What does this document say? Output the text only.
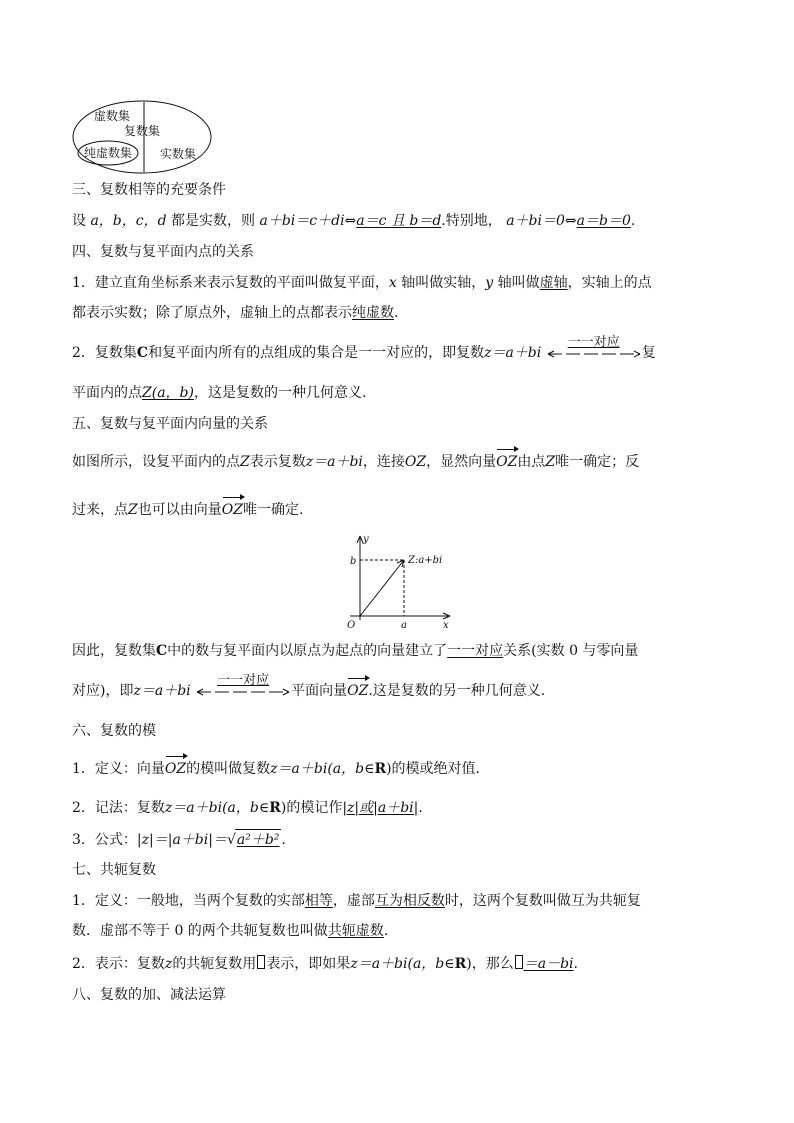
虚数集
复数集
纯虚数集 实数集
三、复数相等的充要条件
设 a，b，c，d 都是实数，则 a＋bi＝c＋di⇔a＝c 且 b＝d.特别地， a＋bi＝0⇔a＝b＝0.
四、复数与复平面内点的关系
1．建立直角坐标系来表示复数的平面叫做复平面，x 轴叫做实轴，y 轴叫做虚轴，实轴上的点
都表示实数；除了原点外，虚轴上的点都表示纯虚数.
2．复数集C和复平面内所有的点组成的集合是一一对应的，即复数z＝a＋bi
一一对应
复
平面内的点Z(a，b)，这是复数的一种几何意义.
五、复数与复平面内向量的关系
如图所示，设复平面内的点Z表示复数z＝a＋bi，连接OZ，显然向量OZ由点Z唯一确定；反
过来，点Z也可以由向量OZ唯一确定.
y
x
O
b
a
Z:a+bi
因此，复数集C中的数与复平面内以原点为起点的向量建立了一一对应关系(实数 0 与零向量
对应)，即z＝a＋bi
一一对应
平面向量OZ.这是复数的另一种几何意义.
六、复数的模
1．定义：向量OZ的模叫做复数z＝a＋bi(a，b∈R)的模或绝对值.
2．记法：复数z＝a＋bi(a，b∈R)的模记作|z|或|a＋bi|.
3．公式：|z|＝|a＋bi|＝√a²＋b² .
七、共轭复数
1．定义：一般地，当两个复数的实部相等，虚部互为相反数时，这两个复数叫做互为共轭复
数．虚部不等于 0 的两个共轭复数也叫做共轭虚数.
2．表示：复数z的共轭复数用 表示，即如果z＝a＋bi(a，b∈R)，那么 ＝a－bi.
八、复数的加、减法运算
